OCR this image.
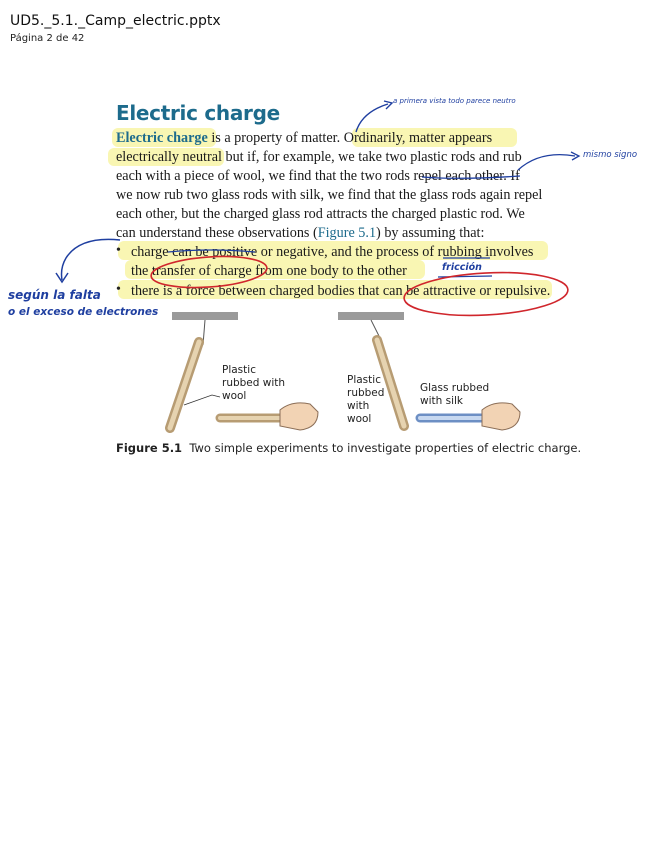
UD5._5.1._Camp_electric.pptx
Página 2 de 42
Electric charge
Electric charge is a property of matter. Ordinarily, matter appears
electrically neutral but if, for example, we take two plastic rods and rub
each with a piece of wool, we find that the two rods repel each other. If
we now rub two glass rods with silk, we find that the glass rods again repel
each other, but the charged glass rod attracts the charged plastic rod. We
can understand these observations (Figure 5.1) by assuming that:
• charge can be positive or negative, and the process of rubbing involves
the transfer of charge from one body to the other
• there is a force between charged bodies that can be attractive or repulsive.
Plastic rubbed with wool
Plastic rubbed with wool
Glass rubbed with silk
Figure 5.1 Two simple experiments to investigate properties of electric charge.
a primera vista todo parece neutro
mismo signo
fricción
según la falta
o el exceso de electrones
